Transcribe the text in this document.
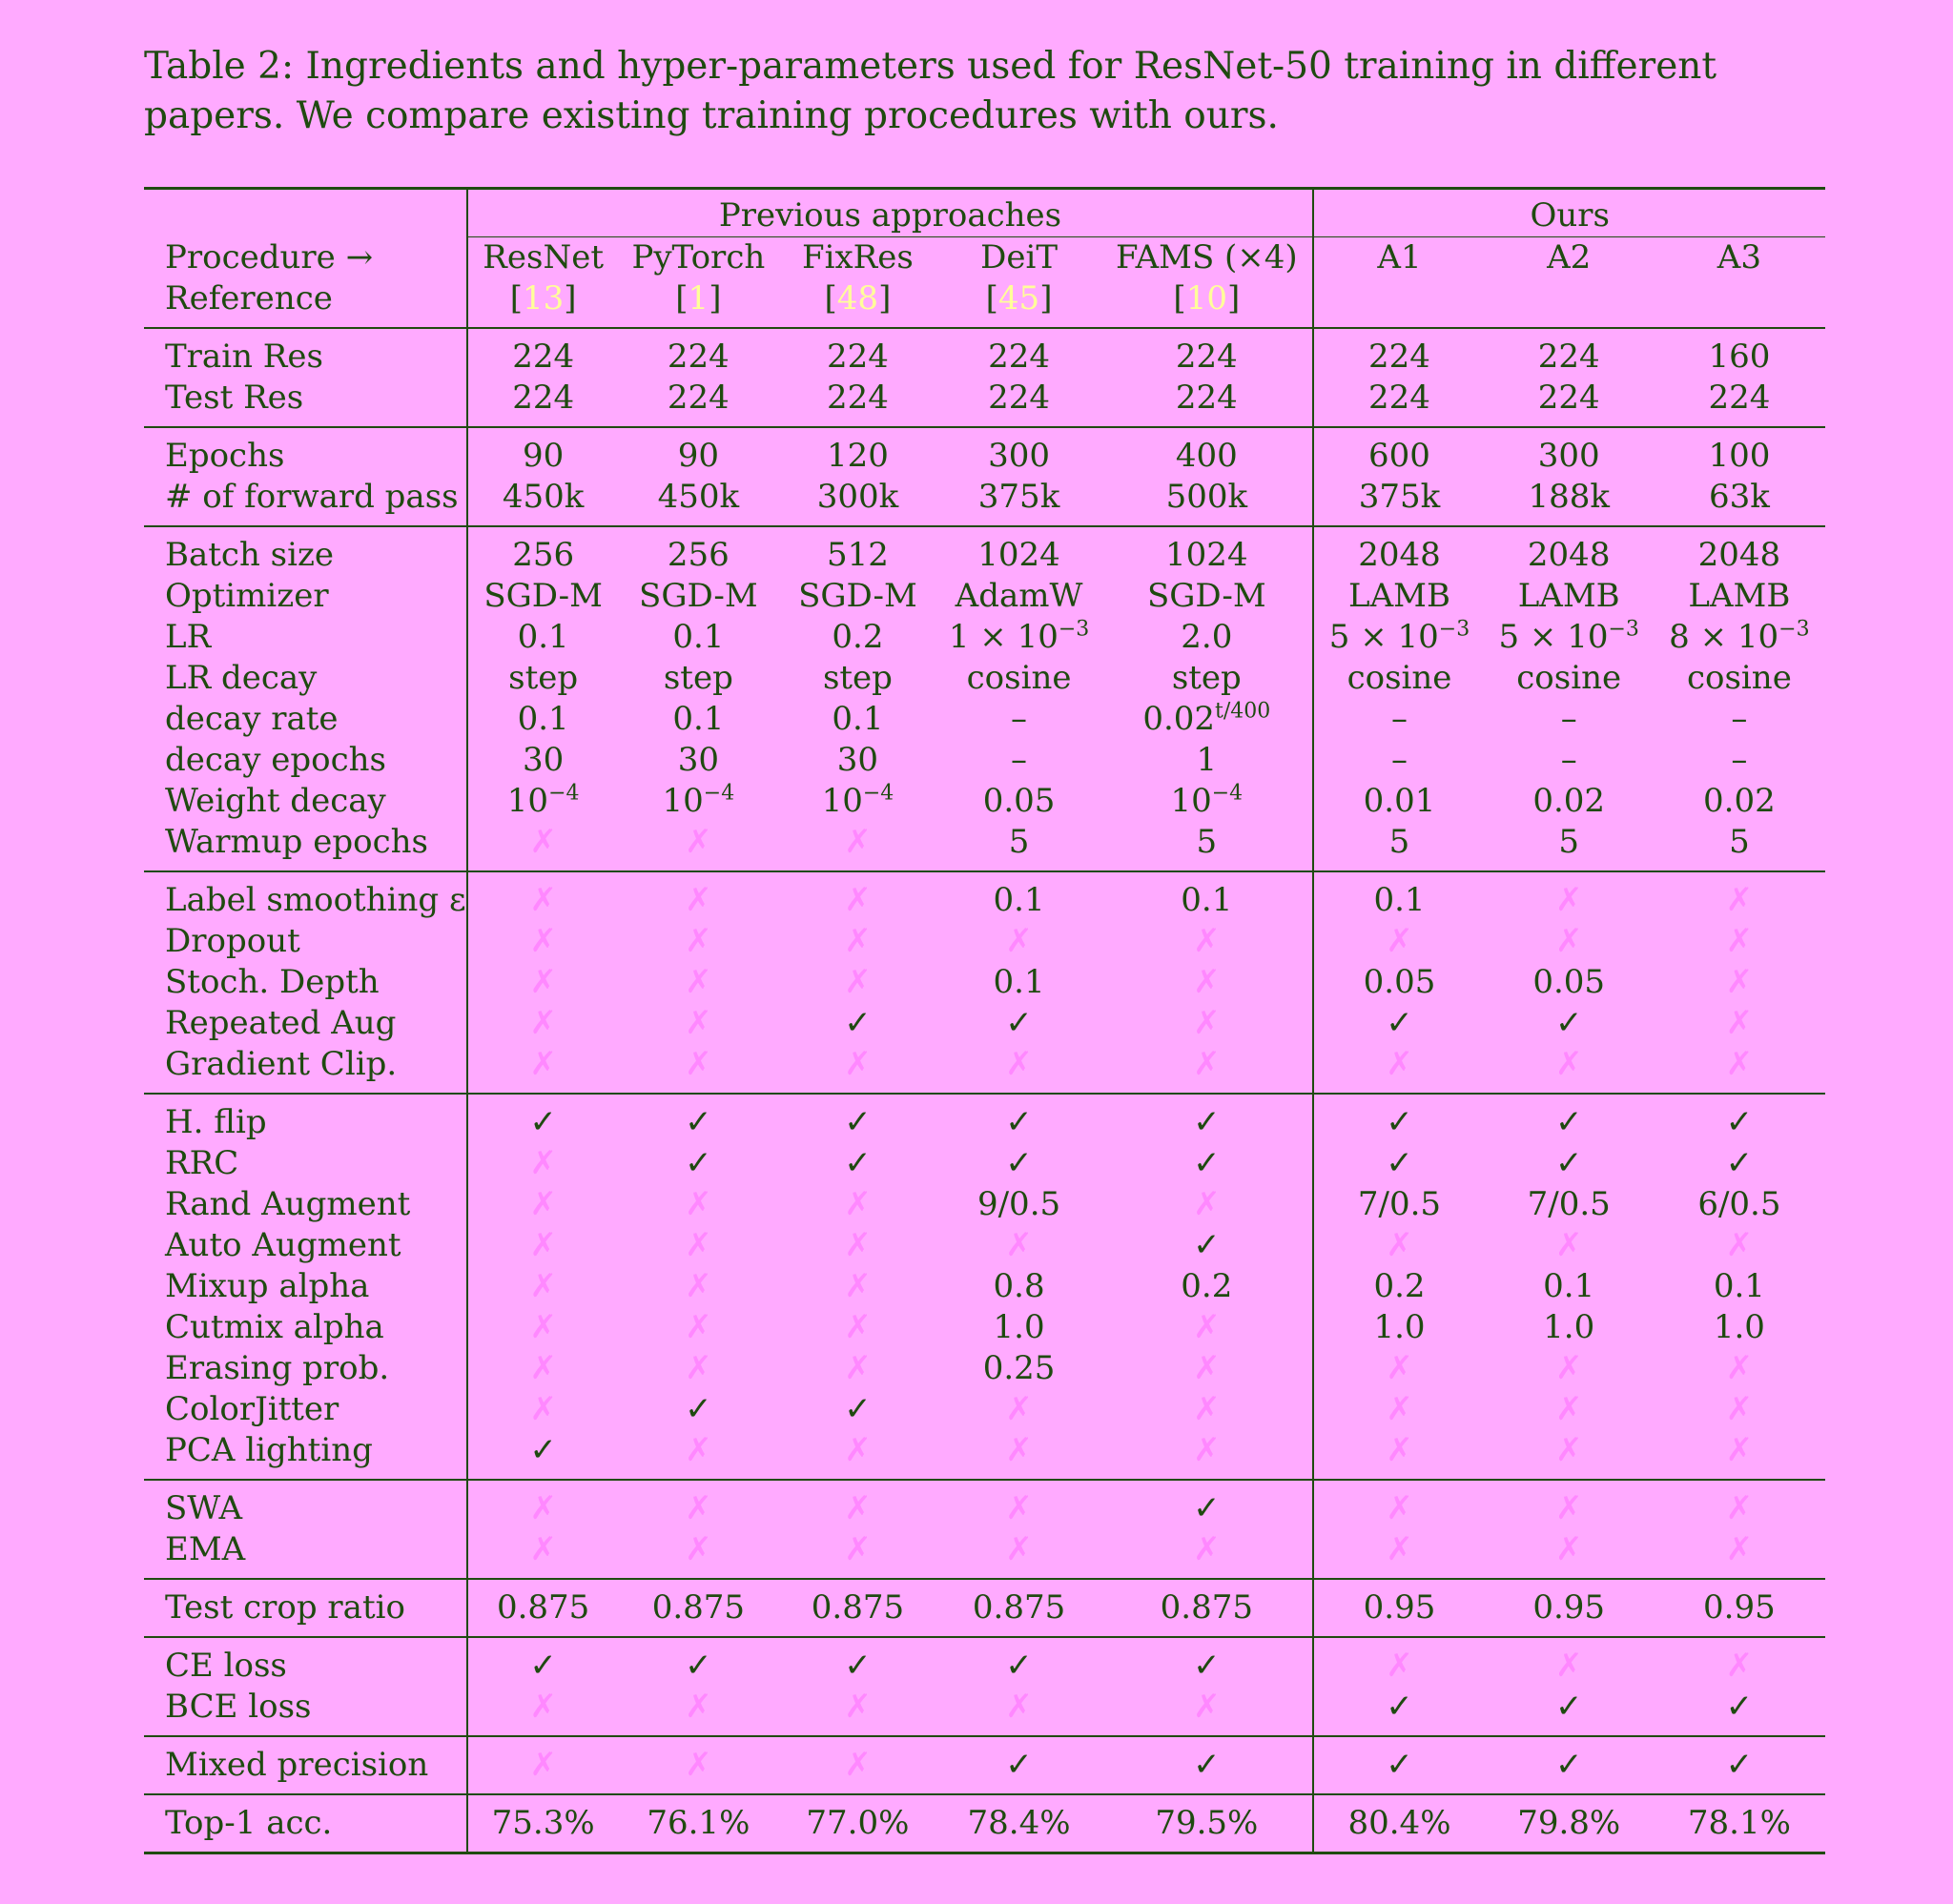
Table 2: Ingredients and hyper-parameters used for ResNet-50 training in different papers. We compare existing training procedures with ours.

	Previous approaches					Ours		
Procedure →	ResNet	PyTorch	FixRes	DeiT	FAMS (×4)	A1	A2	A3
Reference	[13]	[1]	[48]	[45]	[10]			
Train Res	224	224	224	224	224	224	224	160
Test Res	224	224	224	224	224	224	224	224
Epochs	90	90	120	300	400	600	300	100
# of forward pass	450k	450k	300k	375k	500k	375k	188k	63k
Batch size	256	256	512	1024	1024	2048	2048	2048
Optimizer	SGD-M	SGD-M	SGD-M	AdamW	SGD-M	LAMB	LAMB	LAMB
LR	0.1	0.1	0.2	$1 \times 10^{-3}$	2.0	$5 \times 10^{-3}$	$5 \times 10^{-3}$	$8 \times 10^{-3}$
LR decay	step	step	step	cosine	step	cosine	cosine	cosine
decay rate	0.1	0.1	0.1	–	$0.02^{t/400}$	–	–	–
decay epochs	30	30	30	–	1	–	–	–
Weight decay	$10^{-4}$	$10^{-4}$	$10^{-4}$	0.05	$10^{-4}$	0.01	0.02	0.02
Warmup epochs	✗	✗	✗	5	5	5	5	5
Label smoothing ε	✗	✗	✗	0.1	0.1	0.1	✗	✗
Dropout	✗	✗	✗	✗	✗	✗	✗	✗
Stoch. Depth	✗	✗	✗	0.1	✗	0.05	0.05	✗
Repeated Aug	✗	✗	✓	✓	✗	✓	✓	✗
Gradient Clip.	✗	✗	✗	✗	✗	✗	✗	✗
H. flip	✓	✓	✓	✓	✓	✓	✓	✓
RRC	✗	✓	✓	✓	✓	✓	✓	✓
Rand Augment	✗	✗	✗	9/0.5	✗	7/0.5	7/0.5	6/0.5
Auto Augment	✗	✗	✗	✗	✓	✗	✗	✗
Mixup alpha	✗	✗	✗	0.8	0.2	0.2	0.1	0.1
Cutmix alpha	✗	✗	✗	1.0	✗	1.0	1.0	1.0
Erasing prob.	✗	✗	✗	0.25	✗	✗	✗	✗
ColorJitter	✗	✓	✓	✗	✗	✗	✗	✗
PCA lighting	✓	✗	✗	✗	✗	✗	✗	✗
SWA	✗	✗	✗	✗	✓	✗	✗	✗
EMA	✗	✗	✗	✗	✗	✗	✗	✗
Test crop ratio	0.875	0.875	0.875	0.875	0.875	0.95	0.95	0.95
CE loss	✓	✓	✓	✓	✓	✗	✗	✗
BCE loss	✗	✗	✗	✗	✗	✓	✓	✓
Mixed precision	✗	✗	✗	✓	✓	✓	✓	✓
Top-1 acc.	75.3%	76.1%	77.0%	78.4%	79.5%	80.4%	79.8%	78.1%
